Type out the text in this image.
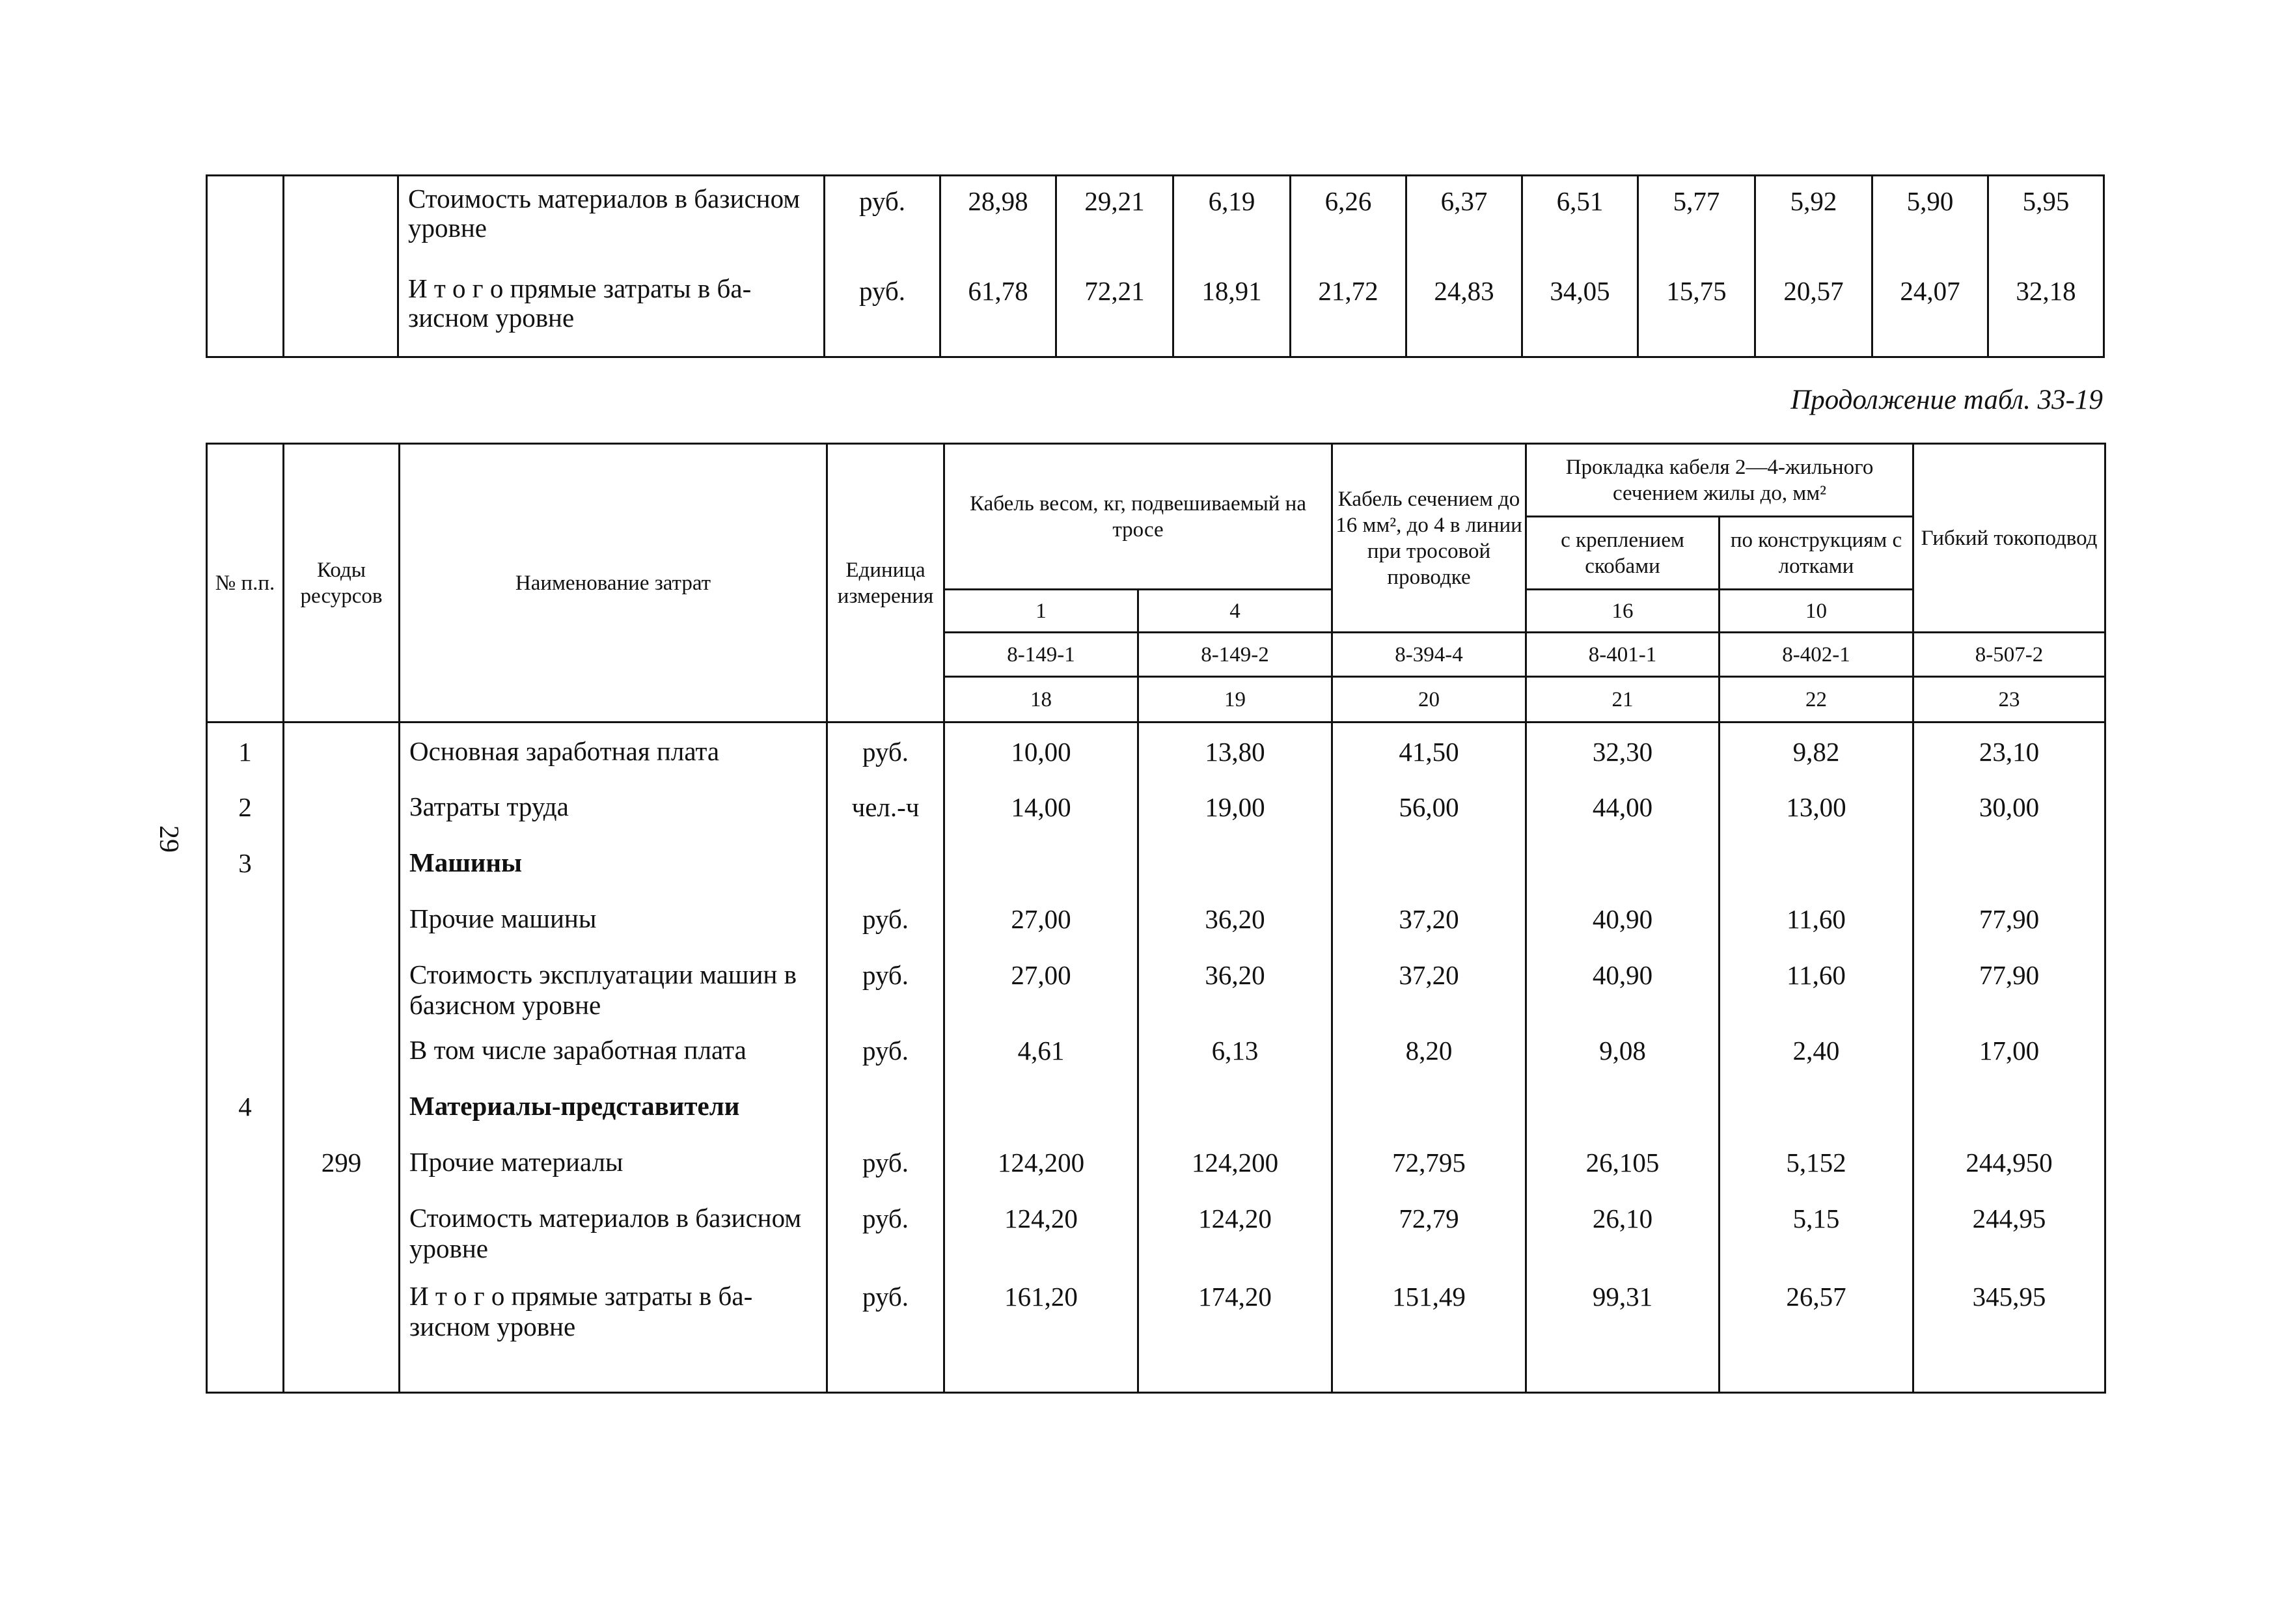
		Стоимость материалов в базисном уровне	руб.	28,98	29,21	6,19	6,26	6,37	6,51	5,77	5,92	5,90	5,95
		И т о г о прямые затраты в базисном уровне	руб.	61,78	72,21	18,91	21,72	24,83	34,05	15,75	20,57	24,07	32,18
Продолжение табл. 33-19
29
№ п.п.	Коды ресурсов	Наименование затрат	Единица измерения	Кабель весом, кг, подвешиваемый на тросе		Кабель сечением до 16 мм², до 4 в линии при тросовой проводке	Прокладка кабеля 2—4-жильного сечением жилы до, мм²		Гибкий токоподвод
							с креплением скобами	по конструкциям с лотками	
				1	4		16	10	
				8-149-1	8-149-2	8-394-4	8-401-1	8-402-1	8-507-2
				18	19	20	21	22	23
1		Основная заработная плата	руб.	10,00	13,80	41,50	32,30	9,82	23,10
2		Затраты труда	чел.-ч	14,00	19,00	56,00	44,00	13,00	30,00
3		Машины							
		Прочие машины	руб.	27,00	36,20	37,20	40,90	11,60	77,90
		Стоимость эксплуатации машин в базисном уровне	руб.	27,00	36,20	37,20	40,90	11,60	77,90
		В том числе заработная плата	руб.	4,61	6,13	8,20	9,08	2,40	17,00
4		Материалы-представители							
	299	Прочие материалы	руб.	124,200	124,200	72,795	26,105	5,152	244,950
		Стоимость материалов в базисном уровне	руб.	124,20	124,20	72,79	26,10	5,15	244,95
		И т о г о прямые затраты в базисном уровне	руб.	161,20	174,20	151,49	99,31	26,57	345,95
